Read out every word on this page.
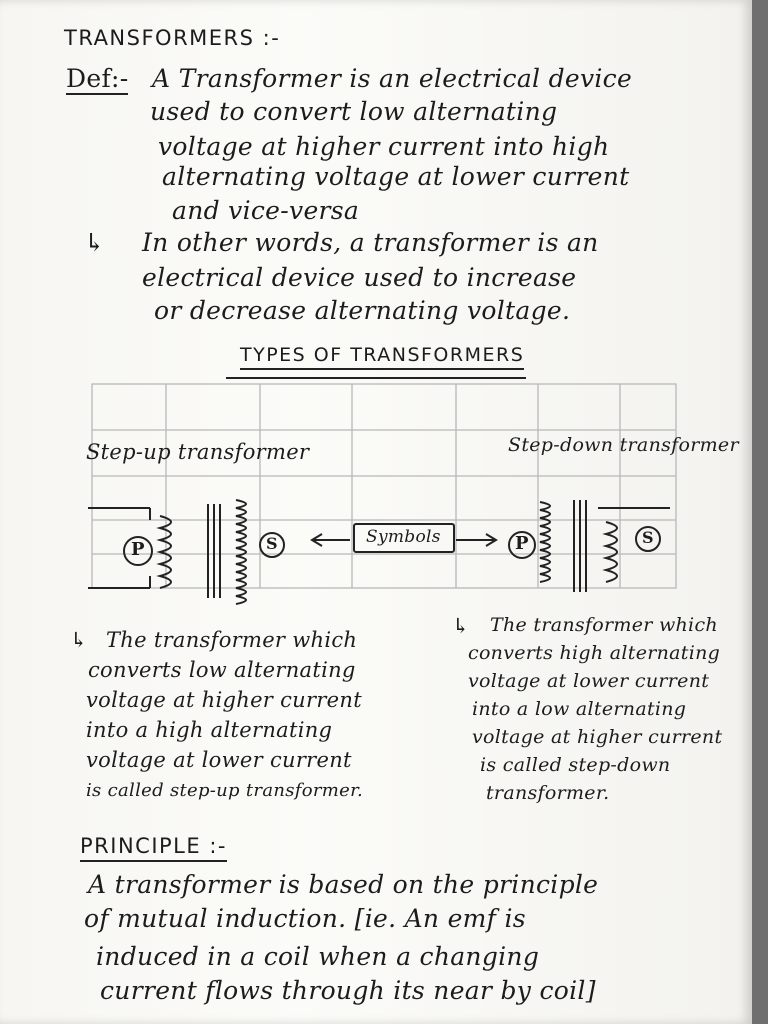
TRANSFORMERS :-
Def:- A Transformer is an electrical device
used to convert low alternating
voltage at higher current into high
alternating voltage at lower current
and vice-versa
↳ In other words, a transformer is an
electrical device used to increase
or decrease alternating voltage.
TYPES OF TRANSFORMERS
Step-up transformer	Step-down transformer
Symbols
P	S	P	S
↳ The transformer which
converts low alternating
voltage at higher current
into a high alternating
voltage at lower current
is called step-up transformer.
↳ The transformer which
converts high alternating
voltage at lower current
into a low alternating
voltage at higher current
is called step-down
transformer.
PRINCIPLE :-
A transformer is based on the principle
of mutual induction. [ie. An emf is
induced in a coil when a changing
current flows through its near by coil]
